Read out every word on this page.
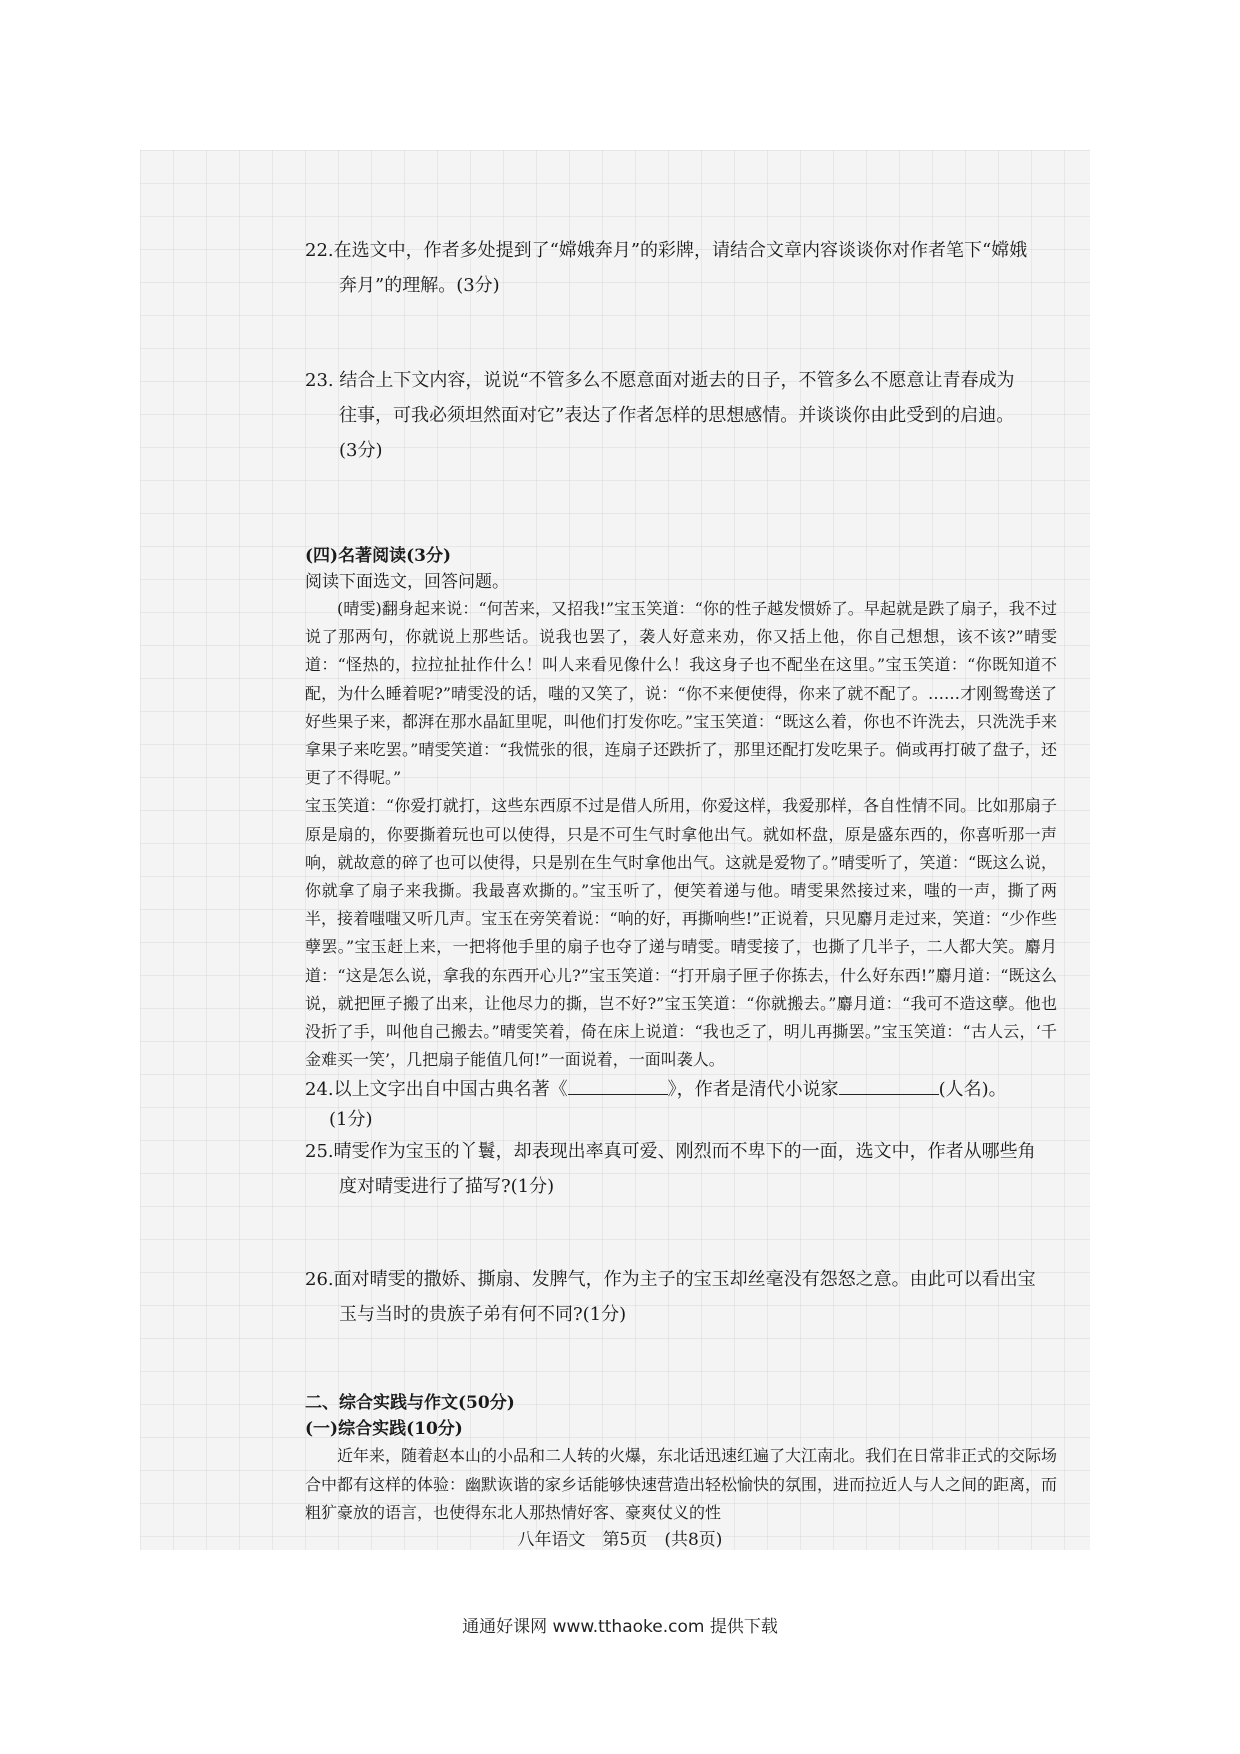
22.在选文中，作者多处提到了“嫦娥奔月”的彩牌，请结合文章内容谈谈你对作者笔下“嫦娥

奔月”的理解。(3分)

23. 结合上下文内容，说说“不管多么不愿意面对逝去的日子，不管多么不愿意让青春成为

往事，可我必须坦然面对它”表达了作者怎样的思想感情。并谈谈你由此受到的启迪。

(3分)

(四)名著阅读(3分)

阅读下面选文，回答问题。

(晴雯)翻身起来说：“何苦来，又招我!”宝玉笑道：“你的性子越发惯娇了。早起就是跌了扇子，我不过说了那两句，你就说上那些话。说我也罢了，袭人好意来劝，你又括上他，你自己想想，该不该?”晴雯道：“怪热的，拉拉扯扯作什么！叫人来看见像什么！我这身子也不配坐在这里。”宝玉笑道：“你既知道不配，为什么睡着呢?”晴雯没的话，嗤的又笑了，说：“你不来便使得，你来了就不配了。……才刚鸳鸯送了好些果子来，都湃在那水晶缸里呢，叫他们打发你吃。”宝玉笑道：“既这么着，你也不许洗去，只洗洗手来拿果子来吃罢。”晴雯笑道：“我慌张的很，连扇子还跌折了，那里还配打发吃果子。倘或再打破了盘子，还更了不得呢。”

宝玉笑道：“你爱打就打，这些东西原不过是借人所用，你爱这样，我爱那样，各自性情不同。比如那扇子原是扇的，你要撕着玩也可以使得，只是不可生气时拿他出气。就如杯盘，原是盛东西的，你喜听那一声响，就故意的碎了也可以使得，只是别在生气时拿他出气。这就是爱物了。”晴雯听了，笑道：“既这么说，你就拿了扇子来我撕。我最喜欢撕的。”宝玉听了，便笑着递与他。晴雯果然接过来，嗤的一声，撕了两半，接着嗤嗤又听几声。宝玉在旁笑着说：“响的好，再撕响些!”正说着，只见麝月走过来，笑道：“少作些孽罢。”宝玉赶上来，一把将他手里的扇子也夺了递与晴雯。晴雯接了，也撕了几半子，二人都大笑。麝月道：“这是怎么说，拿我的东西开心儿?”宝玉笑道：“打开扇子匣子你拣去，什么好东西!”麝月道：“既这么说，就把匣子搬了出来，让他尽力的撕，岂不好?”宝玉笑道：“你就搬去。”麝月道：“我可不造这孽。他也没折了手，叫他自己搬去。”晴雯笑着，倚在床上说道：“我也乏了，明儿再撕罢。”宝玉笑道：“古人云，‘千金难买一笑’，几把扇子能值几何!”一面说着，一面叫袭人。

24.以上文字出自中国古典名著《	》，作者是清代小说家	(人名)。

(1分)

25.晴雯作为宝玉的丫鬟，却表现出率真可爱、刚烈而不卑下的一面，选文中，作者从哪些角

度对晴雯进行了描写?(1分)

26.面对晴雯的撒娇、撕扇、发脾气，作为主子的宝玉却丝毫没有怨怒之意。由此可以看出宝

玉与当时的贵族子弟有何不同?(1分)

二、综合实践与作文(50分)

(一)综合实践(10分)

近年来，随着赵本山的小品和二人转的火爆，东北话迅速红遍了大江南北。我们在日常非正式的交际场合中都有这样的体验：幽默诙谐的家乡话能够快速营造出轻松愉快的氛围，进而拉近人与人之间的距离，而粗犷豪放的语言，也使得东北人那热情好客、豪爽仗义的性

八年语文　第5页　(共8页)
通通好课网 www.tthaoke.com 提供下载
